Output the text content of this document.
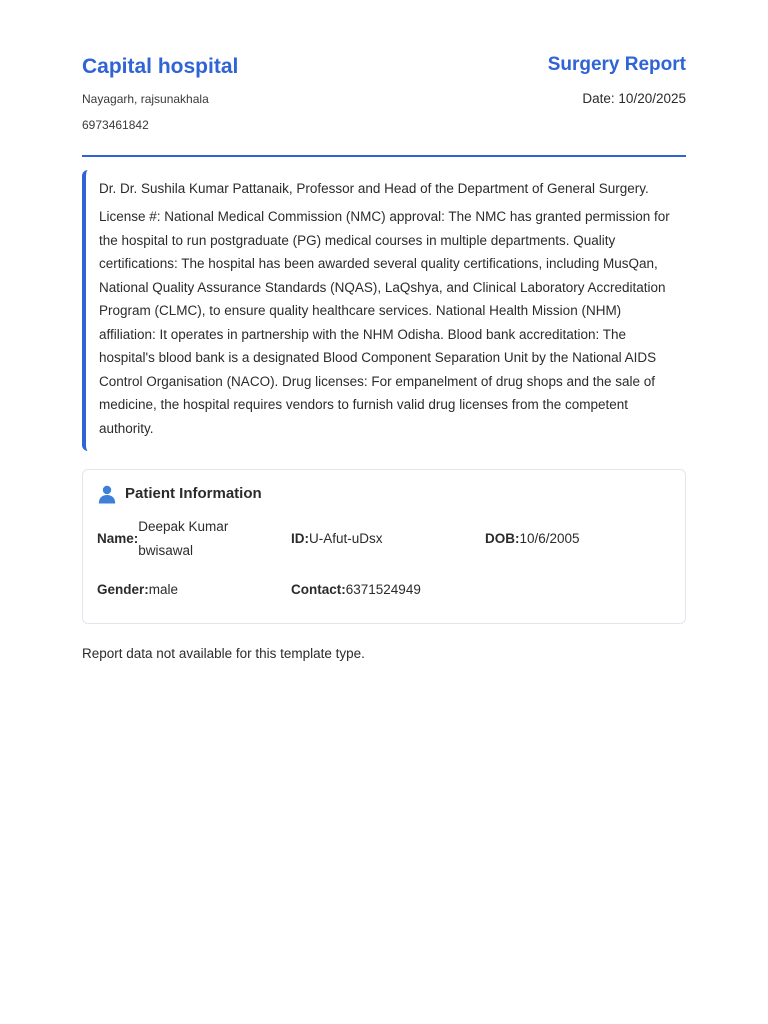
Capital hospital
Nayagarh, rajsunakhala
6973461842
Surgery Report
Date: 10/20/2025

Dr. Dr. Sushila Kumar Pattanaik, Professor and Head of the Department of General Surgery.

License #: National Medical Commission (NMC) approval: The NMC has granted permission for the hospital to run postgraduate (PG) medical courses in multiple departments. Quality certifications: The hospital has been awarded several quality certifications, including MusQan, National Quality Assurance Standards (NQAS), LaQshya, and Clinical Laboratory Accreditation Program (CLMC), to ensure quality healthcare services. National Health Mission (NHM) affiliation: It operates in partnership with the NHM Odisha. Blood bank accreditation: The hospital's blood bank is a designated Blood Component Separation Unit by the National AIDS Control Organisation (NACO). Drug licenses: For empanelment of drug shops and the sale of medicine, the hospital requires vendors to furnish valid drug licenses from the competent authority.

Patient Information
Name:
Deepak Kumar bwisawal
ID: U-Afut-uDsx	DOB: 10/6/2005
Gender: male	Contact: 6371524949
Report data not available for this template type.
